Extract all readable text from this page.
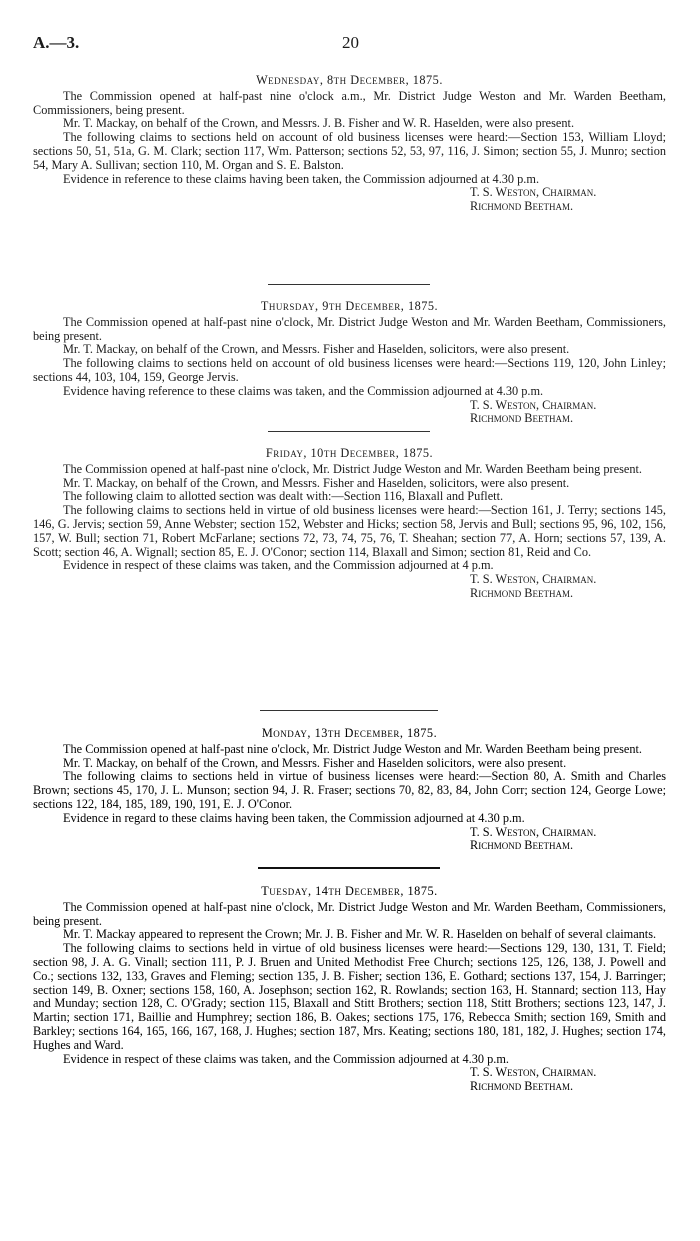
A.—3.	20
Wednesday, 8th December, 1875.

The Commission opened at half-past nine o'clock a.m., Mr. District Judge Weston and Mr. Warden Beetham, Commissioners, being present.

Mr. T. Mackay, on behalf of the Crown, and Messrs. J. B. Fisher and W. R. Haselden, were also present.

The following claims to sections held on account of old business licenses were heard:—Section 153, William Lloyd; sections 50, 51, 51a, G. M. Clark; section 117, Wm. Patterson; sections 52, 53, 97, 116, J. Simon; section 55, J. Munro; section 54, Mary A. Sullivan; section 110, M. Organ and S. E. Balston.

Evidence in reference to these claims having been taken, the Commission adjourned at 4.30 p.m.

T. S. Weston, Chairman.
Richmond Beetham.
Thursday, 9th December, 1875.

The Commission opened at half-past nine o'clock, Mr. District Judge Weston and Mr. Warden Beetham, Commissioners, being present.

Mr. T. Mackay, on behalf of the Crown, and Messrs. Fisher and Haselden, solicitors, were also present.

The following claims to sections held on account of old business licenses were heard:—Sections 119, 120, John Linley; sections 44, 103, 104, 159, George Jervis.

Evidence having reference to these claims was taken, and the Commission adjourned at 4.30 p.m.

T. S. Weston, Chairman.
Richmond Beetham.
Friday, 10th December, 1875.

The Commission opened at half-past nine o'clock, Mr. District Judge Weston and Mr. Warden Beetham being present.

Mr. T. Mackay, on behalf of the Crown, and Messrs. Fisher and Haselden, solicitors, were also present.

The following claim to allotted section was dealt with:—Section 116, Blaxall and Puflett.

The following claims to sections held in virtue of old business licenses were heard:—Section 161, J. Terry; sections 145, 146, G. Jervis; section 59, Anne Webster; section 152, Webster and Hicks; section 58, Jervis and Bull; sections 95, 96, 102, 156, 157, W. Bull; section 71, Robert McFarlane; sections 72, 73, 74, 75, 76, T. Sheahan; section 77, A. Horn; sections 57, 139, A. Scott; section 46, A. Wignall; section 85, E. J. O'Conor; section 114, Blaxall and Simon; section 81, Reid and Co.

Evidence in respect of these claims was taken, and the Commission adjourned at 4 p.m.

T. S. Weston, Chairman.
Richmond Beetham.
Monday, 13th December, 1875.

The Commission opened at half-past nine o'clock, Mr. District Judge Weston and Mr. Warden Beetham being present.

Mr. T. Mackay, on behalf of the Crown, and Messrs. Fisher and Haselden solicitors, were also present.

The following claims to sections held in virtue of business licenses were heard:—Section 80, A. Smith and Charles Brown; sections 45, 170, J. L. Munson; section 94, J. R. Fraser; sections 70, 82, 83, 84, John Corr; section 124, George Lowe; sections 122, 184, 185, 189, 190, 191, E. J. O'Conor.

Evidence in regard to these claims having been taken, the Commission adjourned at 4.30 p.m.

T. S. Weston, Chairman.
Richmond Beetham.
Tuesday, 14th December, 1875.

The Commission opened at half-past nine o'clock, Mr. District Judge Weston and Mr. Warden Beetham, Commissioners, being present.

Mr. T. Mackay appeared to represent the Crown; Mr. J. B. Fisher and Mr. W. R. Haselden on behalf of several claimants.

The following claims to sections held in virtue of old business licenses were heard:—Sections 129, 130, 131, T. Field; section 98, J. A. G. Vinall; section 111, P. J. Bruen and United Methodist Free Church; sections 125, 126, 138, J. Powell and Co.; sections 132, 133, Graves and Fleming; section 135, J. B. Fisher; section 136, E. Gothard; sections 137, 154, J. Barringer; section 149, B. Oxner; sections 158, 160, A. Josephson; section 162, R. Rowlands; section 163, H. Stannard; section 113, Hay and Munday; section 128, C. O'Grady; section 115, Blaxall and Stitt Brothers; section 118, Stitt Brothers; sections 123, 147, J. Martin; section 171, Baillie and Humphrey; section 186, B. Oakes; sections 175, 176, Rebecca Smith; section 169, Smith and Barkley; sections 164, 165, 166, 167, 168, J. Hughes; section 187, Mrs. Keating; sections 180, 181, 182, J. Hughes; section 174, Hughes and Ward.

Evidence in respect of these claims was taken, and the Commission adjourned at 4.30 p.m.

T. S. Weston, Chairman.
Richmond Beetham.
